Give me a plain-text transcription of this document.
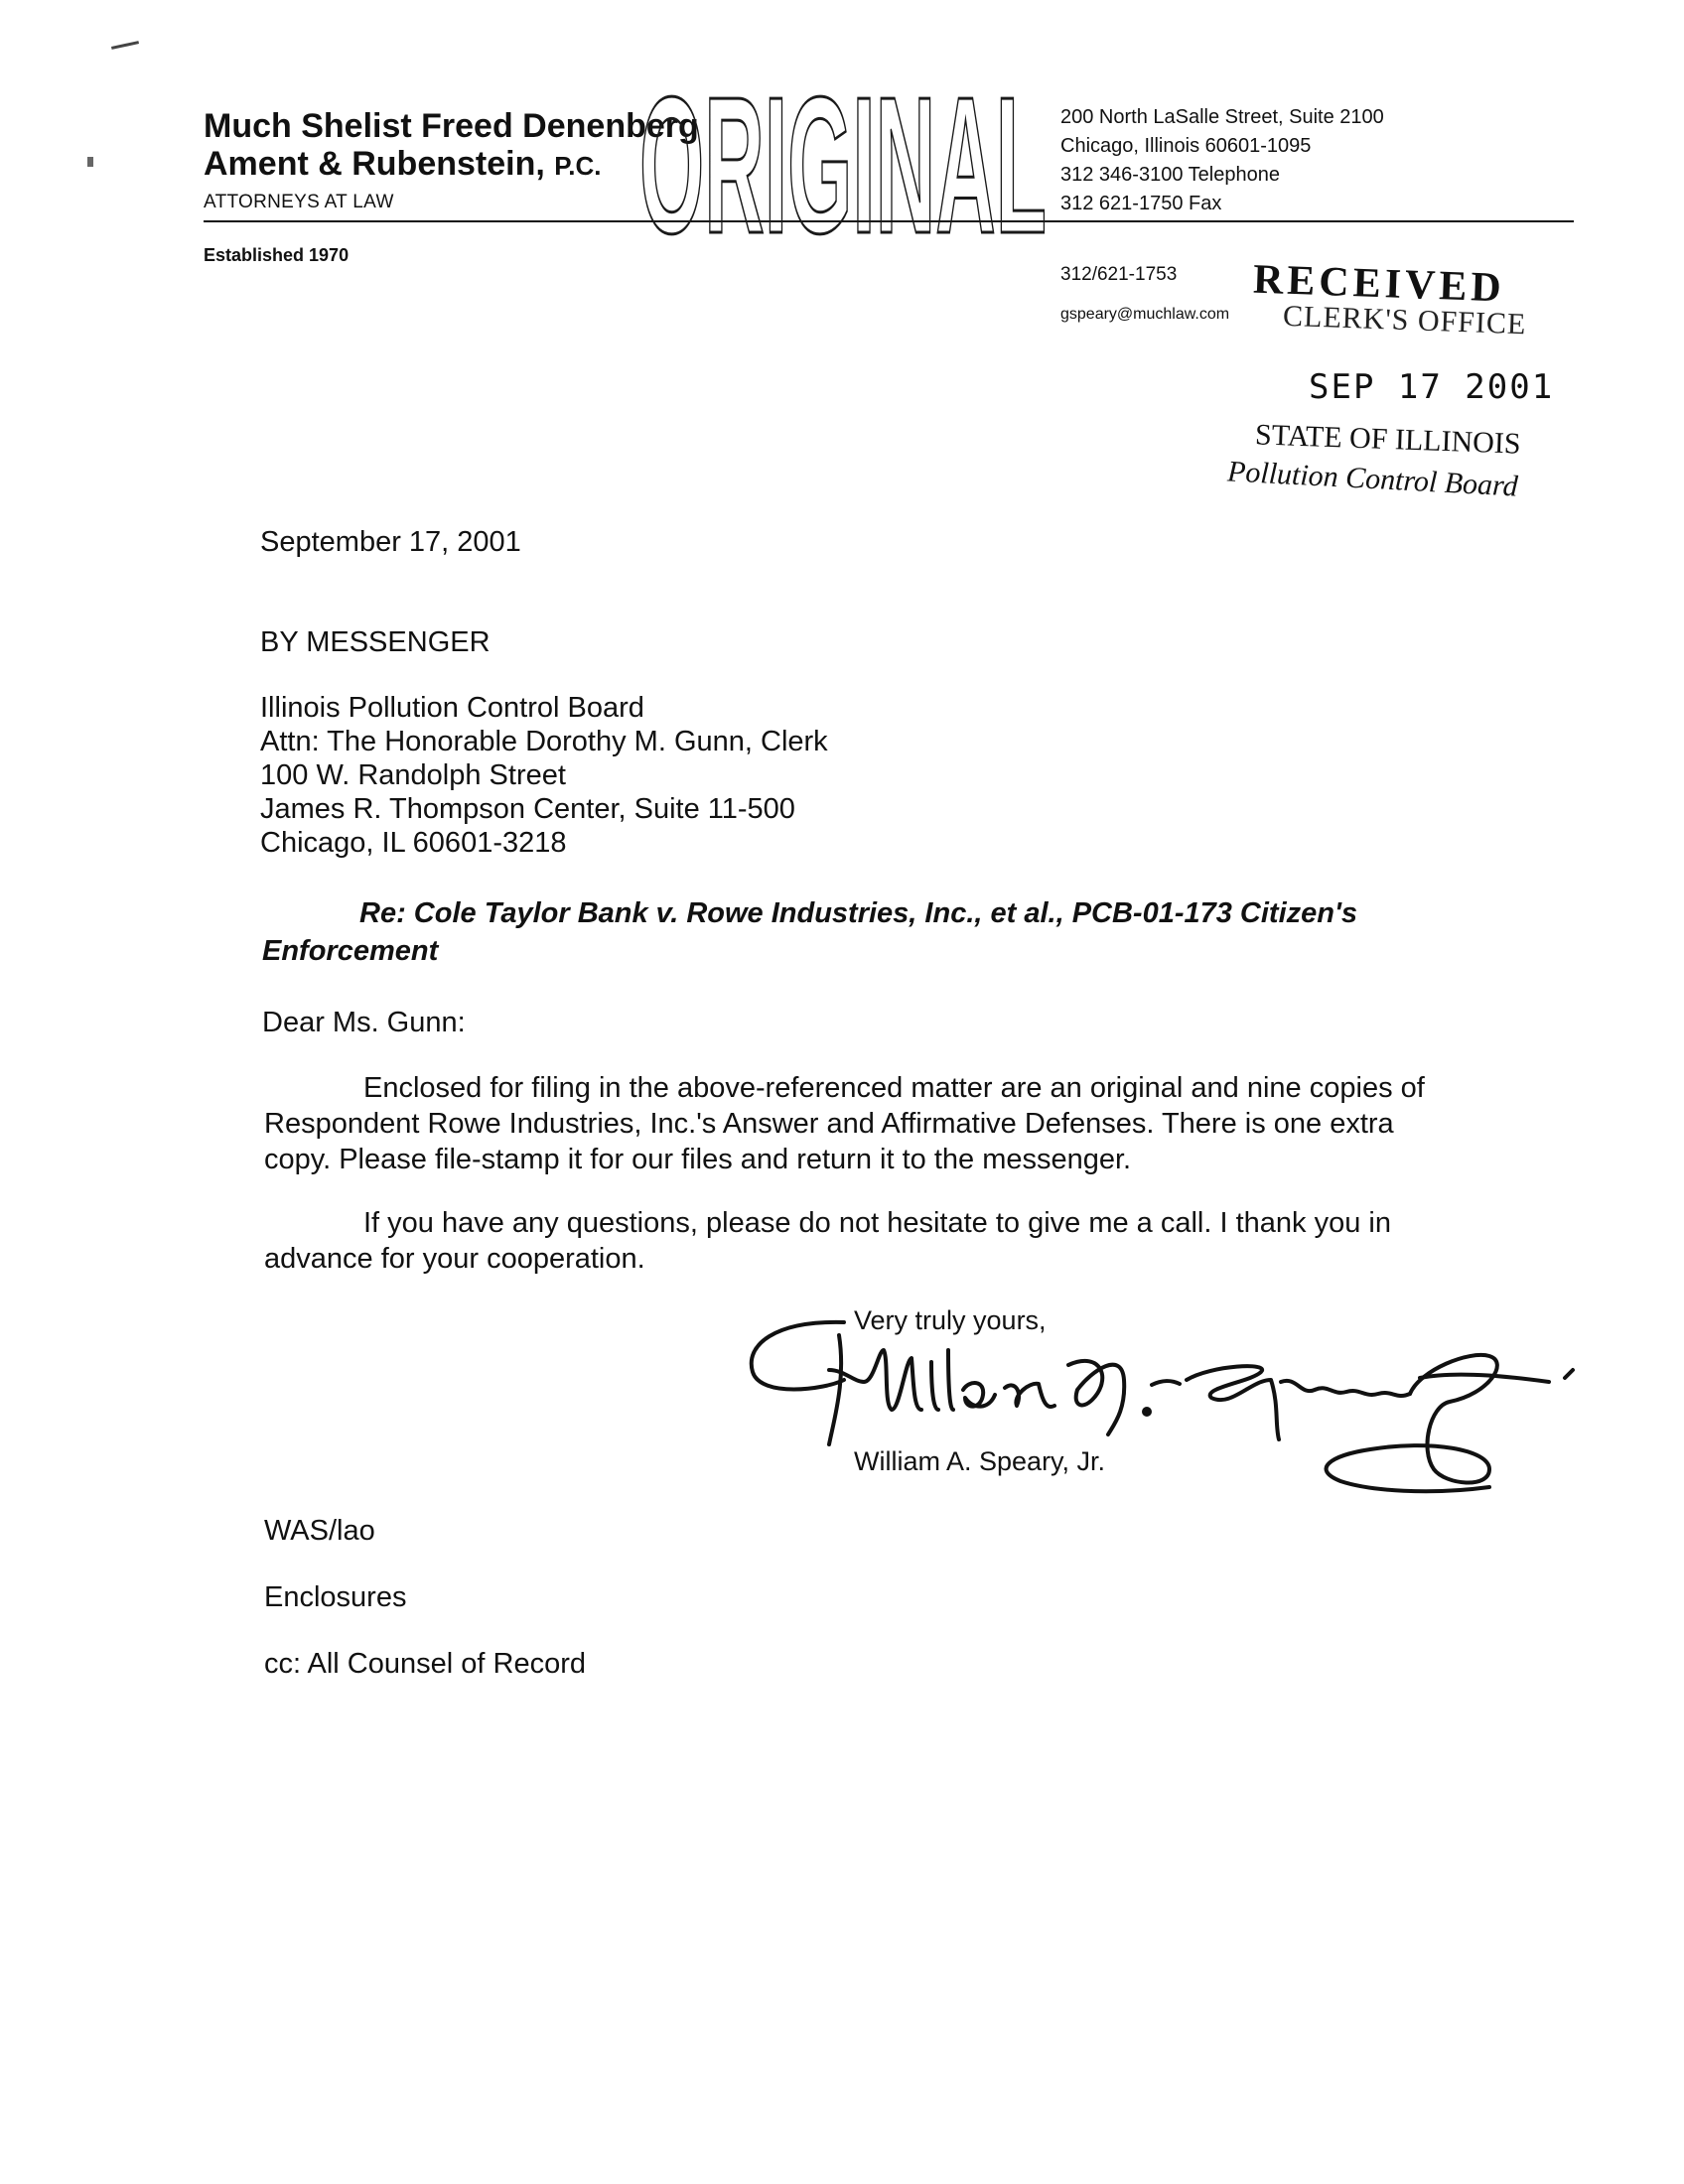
Much Shelist Freed Denenberg
Ament & Rubenstein, P.C.
ATTORNEYS AT LAW
Established 1970
200 North LaSalle Street, Suite 2100
Chicago, Illinois 60601-1095
312 346-3100 Telephone
312 621-1750 Fax
312/621-1753
gspeary@muchlaw.com
ORIGINAL
RECEIVED
CLERK'S OFFICE
SEP 17 2001
STATE OF ILLINOIS
Pollution Control Board
September 17, 2001
BY MESSENGER
Illinois Pollution Control Board
Attn: The Honorable Dorothy M. Gunn, Clerk
100 W. Randolph Street
James R. Thompson Center, Suite 11-500
Chicago, IL 60601-3218
Re: Cole Taylor Bank v. Rowe Industries, Inc., et al., PCB-01-173 Citizen's
Enforcement
Dear Ms. Gunn:

Enclosed for filing in the above-referenced matter are an original and nine copies of Respondent Rowe Industries, Inc.'s Answer and Affirmative Defenses. There is one extra copy. Please file-stamp it for our files and return it to the messenger.

If you have any questions, please do not hesitate to give me a call. I thank you in advance for your cooperation.

Very truly yours,
William A. Speary, Jr.
WAS/lao
Enclosures
cc: All Counsel of Record
